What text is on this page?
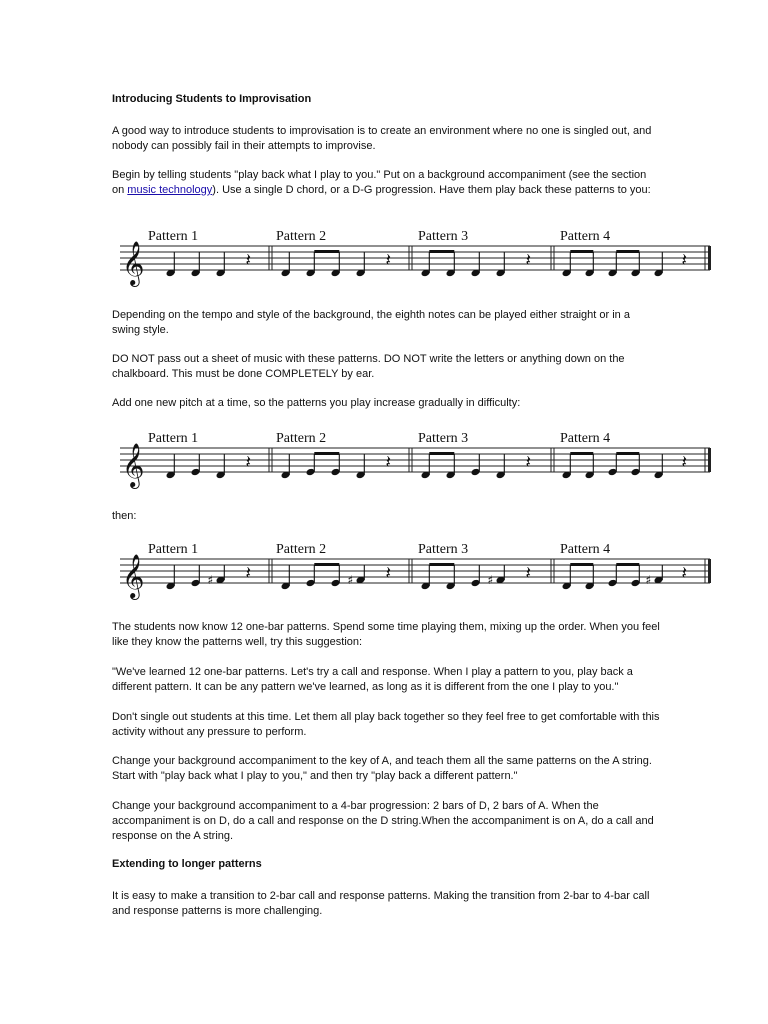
Introducing Students to Improvisation

A good way to introduce students to improvisation is to create an environment where no one is singled out, and nobody can possibly fail in their attempts to improvise.

Begin by telling students "play back what I play to you." Put on a background accompaniment (see the section on music technology). Use a single D chord, or a D-G progression. Have them play back these patterns to you:

𝄞
Pattern 1	Pattern 2	Pattern 3	Pattern 4
𝄽	𝄽	𝄽	𝄽

Depending on the tempo and style of the background, the eighth notes can be played either straight or in a swing style.

DO NOT pass out a sheet of music with these patterns. DO NOT write the letters or anything down on the chalkboard. This must be done COMPLETELY by ear.

Add one new pitch at a time, so the patterns you play increase gradually in difficulty:

𝄞
Pattern 1	Pattern 2	Pattern 3	Pattern 4
𝄽	𝄽	𝄽	𝄽

then:

𝄞
Pattern 1	Pattern 2	Pattern 3	Pattern 4
♯ 𝄽	♯ 𝄽	♯ 𝄽	♯ 𝄽

The students now know 12 one-bar patterns. Spend some time playing them, mixing up the order. When you feel like they know the patterns well, try this suggestion:

"We've learned 12 one-bar patterns. Let's try a call and response. When I play a pattern to you, play back a different pattern. It can be any pattern we've learned, as long as it is different from the one I play to you."

Don't single out students at this time. Let them all play back together so they feel free to get comfortable with this activity without any pressure to perform.

Change your background accompaniment to the key of A, and teach them all the same patterns on the A string. Start with "play back what I play to you," and then try "play back a different pattern."

Change your background accompaniment to a 4-bar progression: 2 bars of D, 2 bars of A. When the accompaniment is on D, do a call and response on the D string.When the accompaniment is on A, do a call and response on the A string.

Extending to longer patterns

It is easy to make a transition to 2-bar call and response patterns. Making the transition from 2-bar to 4-bar call and response patterns is more challenging.
